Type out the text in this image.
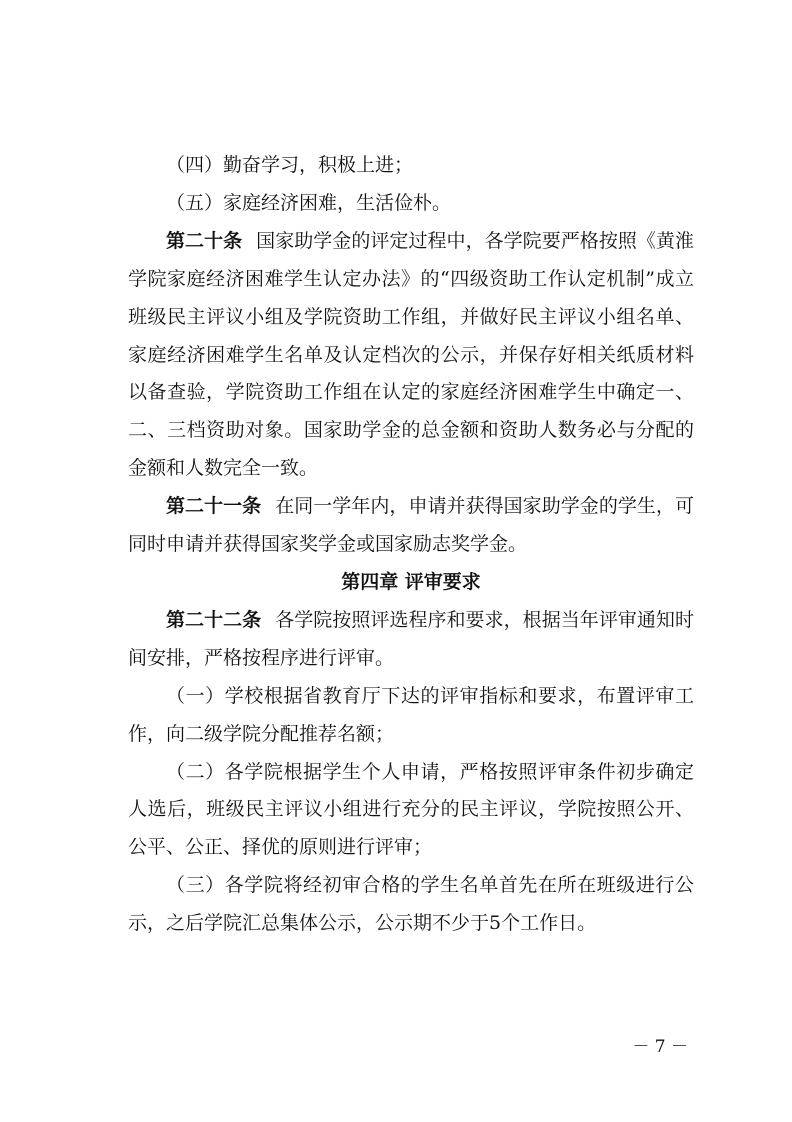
（四）勤奋学习，积极上进；

（五）家庭经济困难，生活俭朴。

第二十条 国家助学金的评定过程中，各学院要严格按照《黄淮学院家庭经济困难学生认定办法》的“四级资助工作认定机制”成立班级民主评议小组及学院资助工作组，并做好民主评议小组名单、家庭经济困难学生名单及认定档次的公示，并保存好相关纸质材料以备查验，学院资助工作组在认定的家庭经济困难学生中确定一、二、三档资助对象。国家助学金的总金额和资助人数务必与分配的金额和人数完全一致。

第二十一条 在同一学年内，申请并获得国家助学金的学生，可同时申请并获得国家奖学金或国家励志奖学金。

第四章 评审要求

第二十二条 各学院按照评选程序和要求，根据当年评审通知时间安排，严格按程序进行评审。

（一）学校根据省教育厅下达的评审指标和要求，布置评审工作，向二级学院分配推荐名额；

（二）各学院根据学生个人申请，严格按照评审条件初步确定人选后，班级民主评议小组进行充分的民主评议，学院按照公开、公平、公正、择优的原则进行评审；

（三）各学院将经初审合格的学生名单首先在所在班级进行公示，之后学院汇总集体公示，公示期不少于5个工作日。

－ 7 －
